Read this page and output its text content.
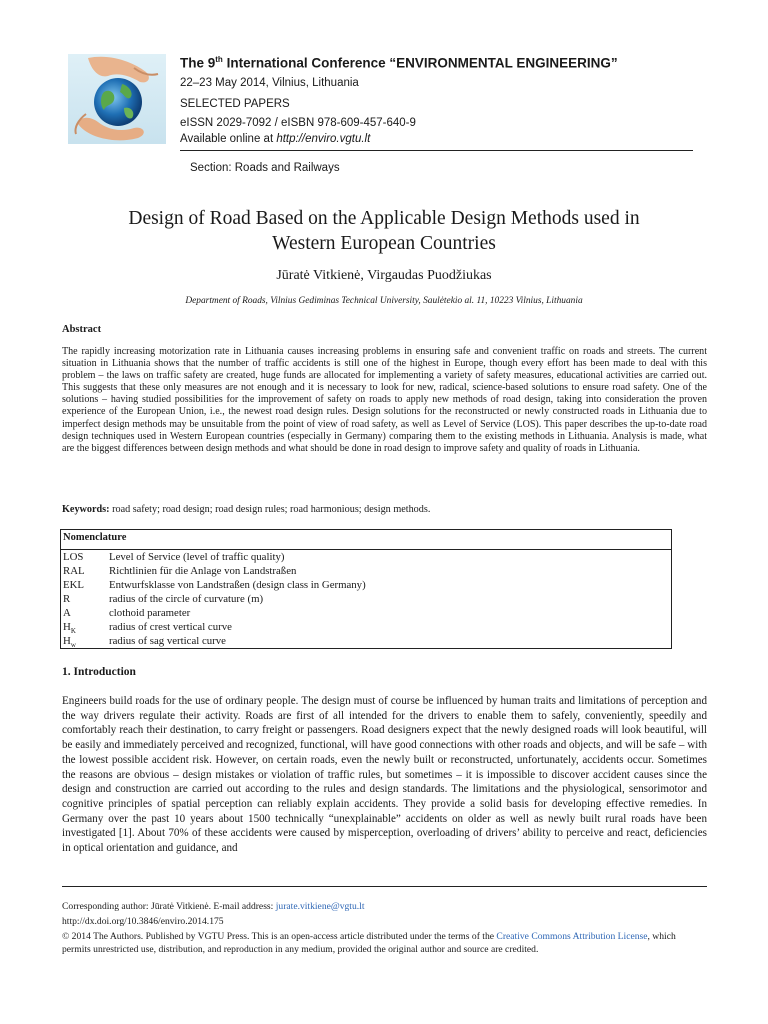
The 9th International Conference “ENVIRONMENTAL ENGINEERING”
22–23 May 2014, Vilnius, Lithuania
SELECTED PAPERS
eISSN 2029-7092 / eISBN 978-609-457-640-9
Available online at http://enviro.vgtu.lt
Section: Roads and Railways
Design of Road Based on the Applicable Design Methods used in
Western European Countries
Jūratė Vitkienė, Virgaudas Puodžiukas
Department of Roads, Vilnius Gediminas Technical University, Saulėtekio al. 11, 10223 Vilnius, Lithuania
Abstract

The rapidly increasing motorization rate in Lithuania causes increasing problems in ensuring safe and convenient traffic on roads and streets. The current situation in Lithuania shows that the number of traffic accidents is still one of the highest in Europe, though every effort has been made to deal with this problem – the laws on traffic safety are created, huge funds are allocated for implementing a variety of safety measures, educational activities are carried out. This suggests that these only measures are not enough and it is necessary to look for new, radical, science-based solutions to ensure road safety. One of the solutions – having studied possibilities for the improvement of safety on roads to apply new methods of road design, taking into consideration the proven experience of the European Union, i.e., the newest road design rules. Design solutions for the reconstructed or newly constructed roads in Lithuania due to imperfect design methods may be unsuitable from the point of view of road safety, as well as Level of Service (LOS). This paper describes the up-to-date road design techniques used in Western European countries (especially in Germany) comparing them to the existing methods in Lithuania. Analysis is made, what are the biggest differences between design methods and what should be done in road design to improve safety and quality of roads in Lithuania.

Keywords: road safety; road design; road design rules; road harmonious; design methods.
Nomenclature
LOS Level of Service (level of traffic quality)
RAL Richtlinien für die Anlage von Landstraßen
EKL Entwurfsklasse von Landstraßen (design class in Germany)
R	radius of the circle of curvature (m)
A	clothoid parameter
$H_K$	radius of crest vertical curve
$H_w$	radius of sag vertical curve
1. Introduction

Engineers build roads for the use of ordinary people. The design must of course be influenced by human traits and limitations of perception and the way drivers regulate their activity. Roads are first of all intended for the drivers to enable them to safely, conveniently, speedily and comfortably reach their destination, to carry freight or passengers. Road designers expect that the newly designed roads will look beautiful, will be easily and immediately perceived and recognized, functional, will have good connections with other roads and objects, and will be safe – with the lowest possible accident risk. However, on certain roads, even the newly built or reconstructed, unfortunately, accidents occur. Sometimes the reasons are obvious – design mistakes or violation of traffic rules, but sometimes – it is impossible to discover accident causes since the design and construction are carried out according to the rules and design standards. The limitations and the physiological, sensorimotor and cognitive principles of spatial perception can reliably explain accidents. They provide a solid basis for developing effective remedies. In Germany over the past 10 years about 1500 technically “unexplainable” accidents on older as well as newly built rural roads have been investigated [1]. About 70% of these accidents were caused by misperception, overloading of drivers’ ability to perceive and react, deficiencies in optical orientation and guidance, and

Corresponding author: Jūratė Vitkienė. E-mail address: jurate.vitkiene@vgtu.lt
http://dx.doi.org/10.3846/enviro.2014.175

© 2014 The Authors. Published by VGTU Press. This is an open-access article distributed under the terms of the Creative Commons Attribution License, which permits unrestricted use, distribution, and reproduction in any medium, provided the original author and source are credited.
